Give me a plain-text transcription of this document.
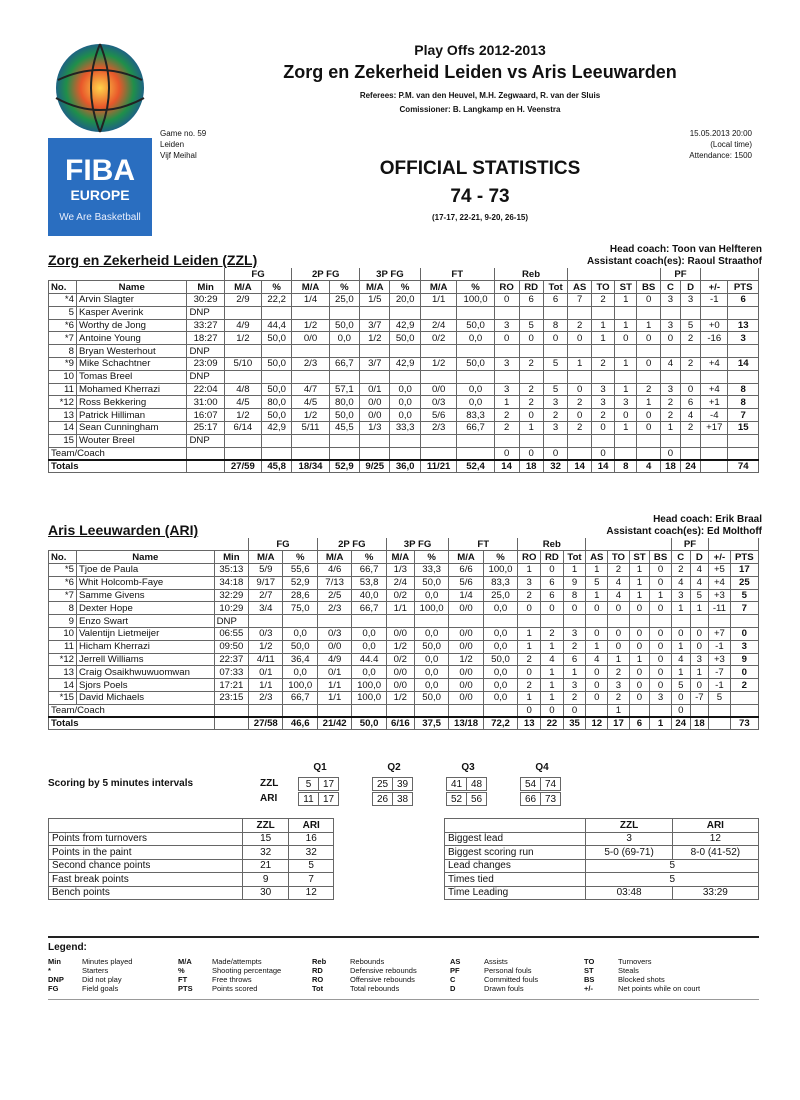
FIBA
EUROPE
We Are Basketball
Play Offs 2012-2013
Zorg en Zekerheid Leiden vs Aris Leeuwarden
Referees: P.M. van den Heuvel, M.H. Zegwaard, R. van der Sluis
Comissioner: B. Langkamp en H. Veenstra
Game no. 59
Leiden
Vijf Meihal
15.05.2013 20:00
(Local time)
Attendance: 1500
OFFICIAL STATISTICS
74 - 73
(17-17, 22-21, 9-20, 26-15)
Head coach: Toon van Helfteren
Assistant coach(es): Raoul Straathof
Zorg en Zekerheid Leiden (ZZL)
			FG		2P FG		3P FG		FT		Reb							PF			
No.	Name	Min	M/A	%	M/A	%	M/A	%	M/A	%	RO	RD	Tot	AS	TO	ST	BS	C	D	+/-	PTS
*4	Arvin Slagter	30:29	2/9	22,2	1/4	25,0	1/5	20,0	1/1	100,0	0	6	6	7	2	1	0	3	3	-1	6
5	Kasper Averink	DNP																			
*6	Worthy de Jong	33:27	4/9	44,4	1/2	50,0	3/7	42,9	2/4	50,0	3	5	8	2	1	1	1	3	5	+0	13
*7	Antoine Young	18:27	1/2	50,0	0/0	0,0	1/2	50,0	0/2	0,0	0	0	0	0	1	0	0	0	2	-16	3
8	Bryan Westerhout	DNP																			
*9	Mike Schachtner	23:09	5/10	50,0	2/3	66,7	3/7	42,9	1/2	50,0	3	2	5	1	2	1	0	4	2	+4	14
10	Tomas Breel	DNP																			
11	Mohamed Kherrazi	22:04	4/8	50,0	4/7	57,1	0/1	0,0	0/0	0,0	3	2	5	0	3	1	2	3	0	+4	8
*12	Ross Bekkering	31:00	4/5	80,0	4/5	80,0	0/0	0,0	0/3	0,0	1	2	3	2	3	3	1	2	6	+1	8
13	Patrick Hilliman	16:07	1/2	50,0	1/2	50,0	0/0	0,0	5/6	83,3	2	0	2	0	2	0	0	2	4	-4	7
14	Sean Cunningham	25:17	6/14	42,9	5/11	45,5	1/3	33,3	2/3	66,7	2	1	3	2	0	1	0	1	2	+17	15
15	Wouter Breel	DNP																			
Team/Coach											0	0	0		0			0			
Totals			27/59	45,8	18/34	52,9	9/25	36,0	11/21	52,4	14	18	32	14	14	8	4	18	24		74
Head coach: Erik Braal
Assistant coach(es): Ed Molthoff
Aris Leeuwarden (ARI)
			FG		2P FG		3P FG		FT		Reb							PF			
No.	Name	Min	M/A	%	M/A	%	M/A	%	M/A	%	RO	RD	Tot	AS	TO	ST	BS	C	D	+/-	PTS
*5	Tjoe de Paula	35:13	5/9	55,6	4/6	66,7	1/3	33,3	6/6	100,0	1	0	1	1	2	1	0	2	4	+5	17
*6	Whit Holcomb-Faye	34:18	9/17	52,9	7/13	53,8	2/4	50,0	5/6	83,3	3	6	9	5	4	1	0	4	4	+4	25
*7	Samme Givens	32:29	2/7	28,6	2/5	40,0	0/2	0,0	1/4	25,0	2	6	8	1	4	1	1	3	5	+3	5
8	Dexter Hope	10:29	3/4	75,0	2/3	66,7	1/1	100,0	0/0	0,0	0	0	0	0	0	0	0	1	1	-11	7
9	Enzo Swart	DNP																			
10	Valentijn Lietmeijer	06:55	0/3	0,0	0/3	0,0	0/0	0,0	0/0	0,0	1	2	3	0	0	0	0	0	0	+7	0
11	Hicham Kherrazi	09:50	1/2	50,0	0/0	0,0	1/2	50,0	0/0	0,0	1	1	2	1	0	0	0	1	0	-1	3
*12	Jerrell Williams	22:37	4/11	36,4	4/9	44.4	0/2	0,0	1/2	50,0	2	4	6	4	1	1	0	4	3	+3	9
13	Craig Osaikhwuwuomwan	07:33	0/1	0,0	0/1	0,0	0/0	0,0	0/0	0,0	0	1	1	0	2	0	0	1	1	-7	0
14	Sjors Poels	17:21	1/1	100,0	1/1	100,0	0/0	0,0	0/0	0,0	2	1	3	0	3	0	0	5	0	-1	2
*15	David Michaels	23:15	2/3	66,7	1/1	100,0	1/2	50,0	0/0	0,0	1	1	2	0	2	0	3	0	-7	5	
Team/Coach											0	0	0		1			0			
Totals			27/58	46,6	21/42	50,0	6/16	37,5	13/18	72,2	13	22	35	12	17	6	1	24	18		73
Scoring by 5 minutes intervals
Q1	Q2	Q3	Q4
ZZL	5	17	25	39	41	48	54	74
ARI	11	17	26	38	52	56	66	73
	ZZL	ARI
Points from turnovers	15	16
Points in the paint	32	32
Second chance points	21	5
Fast break points	9	7
Bench points	30	12
	ZZL	ARI
Biggest lead	3	12
Biggest scoring run	5-0 (69-71)	8-0 (41-52)
Lead changes	5	
Times tied	5	
Time Leading	03:48	33:29
Legend:
Min	Minutes played	M/A	Made/attempts	Reb	Rebounds	AS	Assists	TO	Turnovers
*	Starters	%	Shooting percentage	RD	Defensive rebounds	PF	Personal fouls	ST	Steals
DNP	Did not play	FT	Free throws	RO	Offensive rebounds	C	Committed fouls	BS	Blocked shots
FG	Field goals	PTS	Points scored	Tot	Total rebounds	D	Drawn fouls	+/-	Net points while on court
